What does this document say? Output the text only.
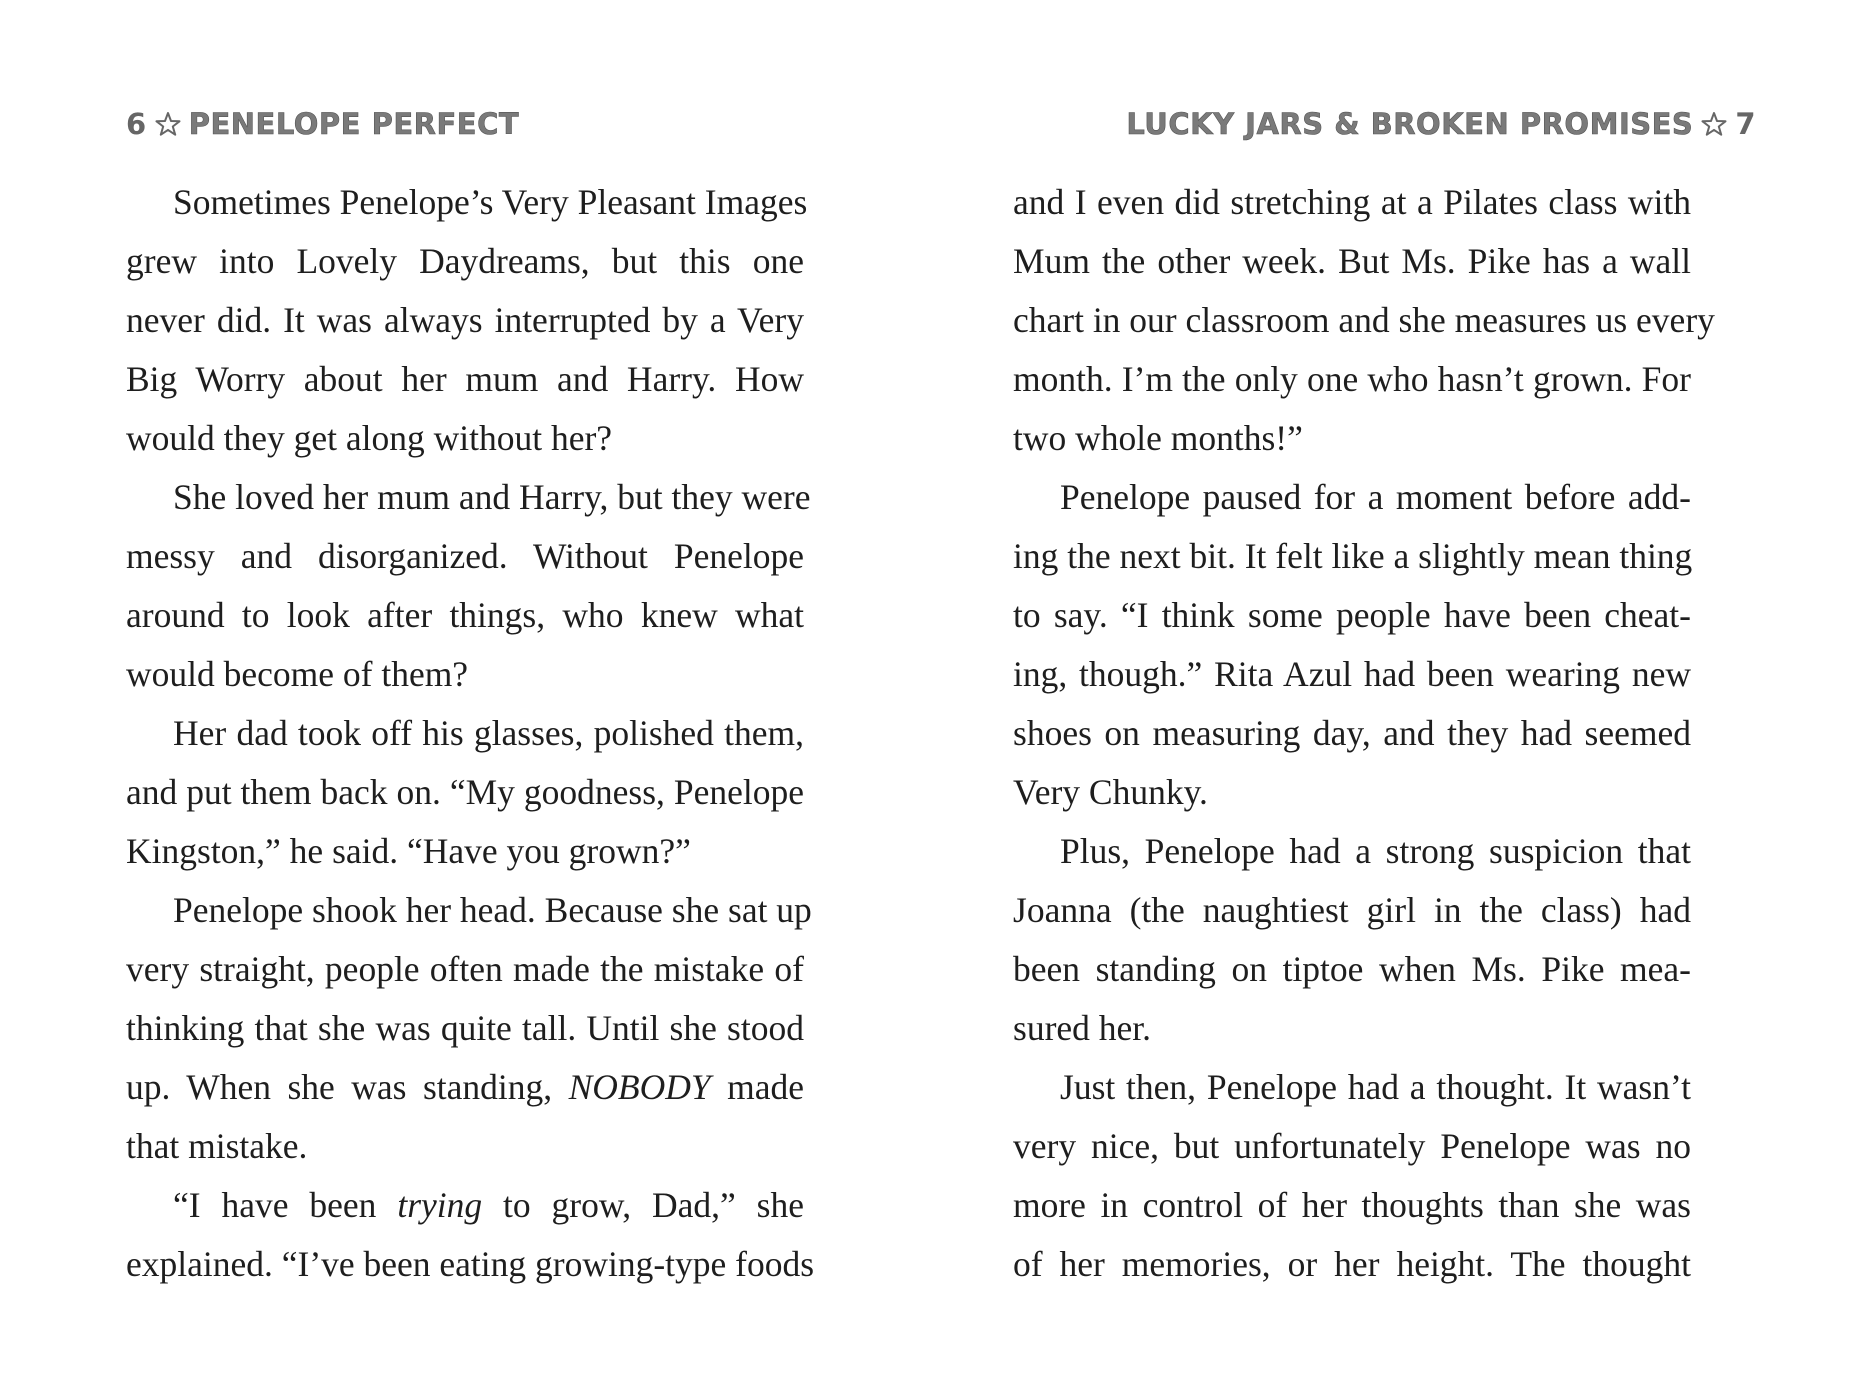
6 PENELOPE PERFECT
Sometimes Penelope’s Very Pleasant Images
grew into Lovely Daydreams, but this one
never did. It was always interrupted by a Very
Big Worry about her mum and Harry. How
would they get along without her?
She loved her mum and Harry, but they were
messy and disorganized. Without Penelope
around to look after things, who knew what
would become of them?
Her dad took off his glasses, polished them,
and put them back on. “My goodness, Penelope
Kingston,” he said. “Have you grown?”
Penelope shook her head. Because she sat up
very straight, people often made the mistake of
thinking that she was quite tall. Until she stood
up. When she was standing, NOBODY made
that mistake.
“I have been trying to grow, Dad,” she
explained. “I’ve been eating growing-type foods
LUCKY JARS & BROKEN PROMISES 7
and I even did stretching at a Pilates class with
Mum the other week. But Ms. Pike has a wall
chart in our classroom and she measures us every
month. I’m the only one who hasn’t grown. For
two whole months!”
Penelope paused for a moment before add-
ing the next bit. It felt like a slightly mean thing
to say. “I think some people have been cheat-
ing, though.” Rita Azul had been wearing new
shoes on measuring day, and they had seemed
Very Chunky.
Plus, Penelope had a strong suspicion that
Joanna (the naughtiest girl in the class) had
been standing on tiptoe when Ms. Pike mea-
sured her.
Just then, Penelope had a thought. It wasn’t
very nice, but unfortunately Penelope was no
more in control of her thoughts than she was
of her memories, or her height. The thought
